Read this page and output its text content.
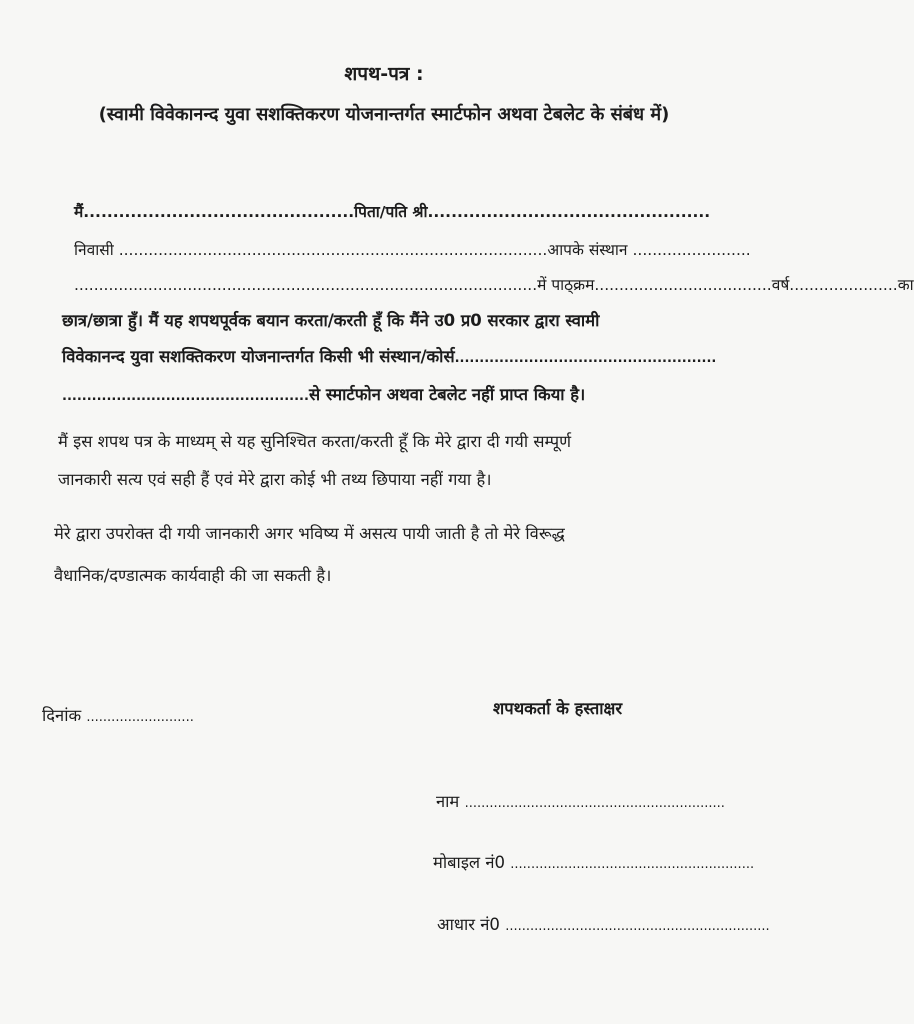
शपथ-पत्र :
(स्वामी विवेकानन्द युवा सशक्तिकरण योजनान्तर्गत स्मार्टफोन अथवा टेबलेट के संबंध में)
मैं..............................................पिता/पति श्री................................................
निवासी .......................................................................................आपके संस्थान ........................
..............................................................................................में पाठ्क्रम....................................वर्ष......................का
छात्र/छात्रा हुँ। मैं यह शपथपूर्वक बयान करता/करती हूँ कि मैंने उ0 प्र0 सरकार द्वारा स्वामी
विवेकानन्द युवा सशक्तिकरण योजनान्तर्गत किसी भी संस्थान/कोर्स.....................................................
..................................................से स्मार्टफोन अथवा टेबलेट नहीं प्राप्त किया है।
मैं इस शपथ पत्र के माध्यम् से यह सुनिश्चित करता/करती हूँ कि मेरे द्वारा दी गयी सम्पूर्ण
जानकारी सत्य एवं सही हैं एवं मेरे द्वारा कोई भी तथ्य छिपाया नहीं गया है।
मेरे द्वारा उपरोक्त दी गयी जानकारी अगर भविष्य में असत्य पायी जाती है तो मेरे विरूद्ध
वैधानिक/दण्डात्मक कार्यवाही की जा सकती है।
दिनांक ..........................	शपथकर्ता के हस्ताक्षर
नाम ...............................................................
मोबाइल नं0 ...........................................................
आधार नं0 ................................................................
